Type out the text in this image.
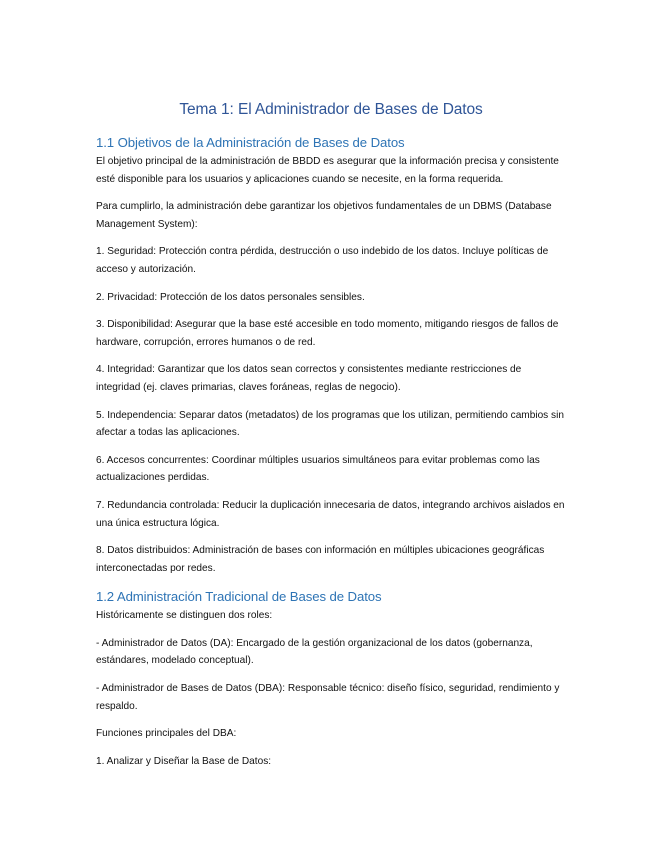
Tema 1: El Administrador de Bases de Datos
1.1 Objetivos de la Administración de Bases de Datos

El objetivo principal de la administración de BBDD es asegurar que la información precisa y consistente esté disponible para los usuarios y aplicaciones cuando se necesite, en la forma requerida.

Para cumplirlo, la administración debe garantizar los objetivos fundamentales de un DBMS (Database Management System):

1. Seguridad: Protección contra pérdida, destrucción o uso indebido de los datos. Incluye políticas de acceso y autorización.

2. Privacidad: Protección de los datos personales sensibles.

3. Disponibilidad: Asegurar que la base esté accesible en todo momento, mitigando riesgos de fallos de hardware, corrupción, errores humanos o de red.

4. Integridad: Garantizar que los datos sean correctos y consistentes mediante restricciones de integridad (ej. claves primarias, claves foráneas, reglas de negocio).

5. Independencia: Separar datos (metadatos) de los programas que los utilizan, permitiendo cambios sin afectar a todas las aplicaciones.

6. Accesos concurrentes: Coordinar múltiples usuarios simultáneos para evitar problemas como las actualizaciones perdidas.

7. Redundancia controlada: Reducir la duplicación innecesaria de datos, integrando archivos aislados en una única estructura lógica.

8. Datos distribuidos: Administración de bases con información en múltiples ubicaciones geográficas interconectadas por redes.

1.2 Administración Tradicional de Bases de Datos

Históricamente se distinguen dos roles:

- Administrador de Datos (DA): Encargado de la gestión organizacional de los datos (gobernanza, estándares, modelado conceptual).

- Administrador de Bases de Datos (DBA): Responsable técnico: diseño físico, seguridad, rendimiento y respaldo.

Funciones principales del DBA:

1. Analizar y Diseñar la Base de Datos:
